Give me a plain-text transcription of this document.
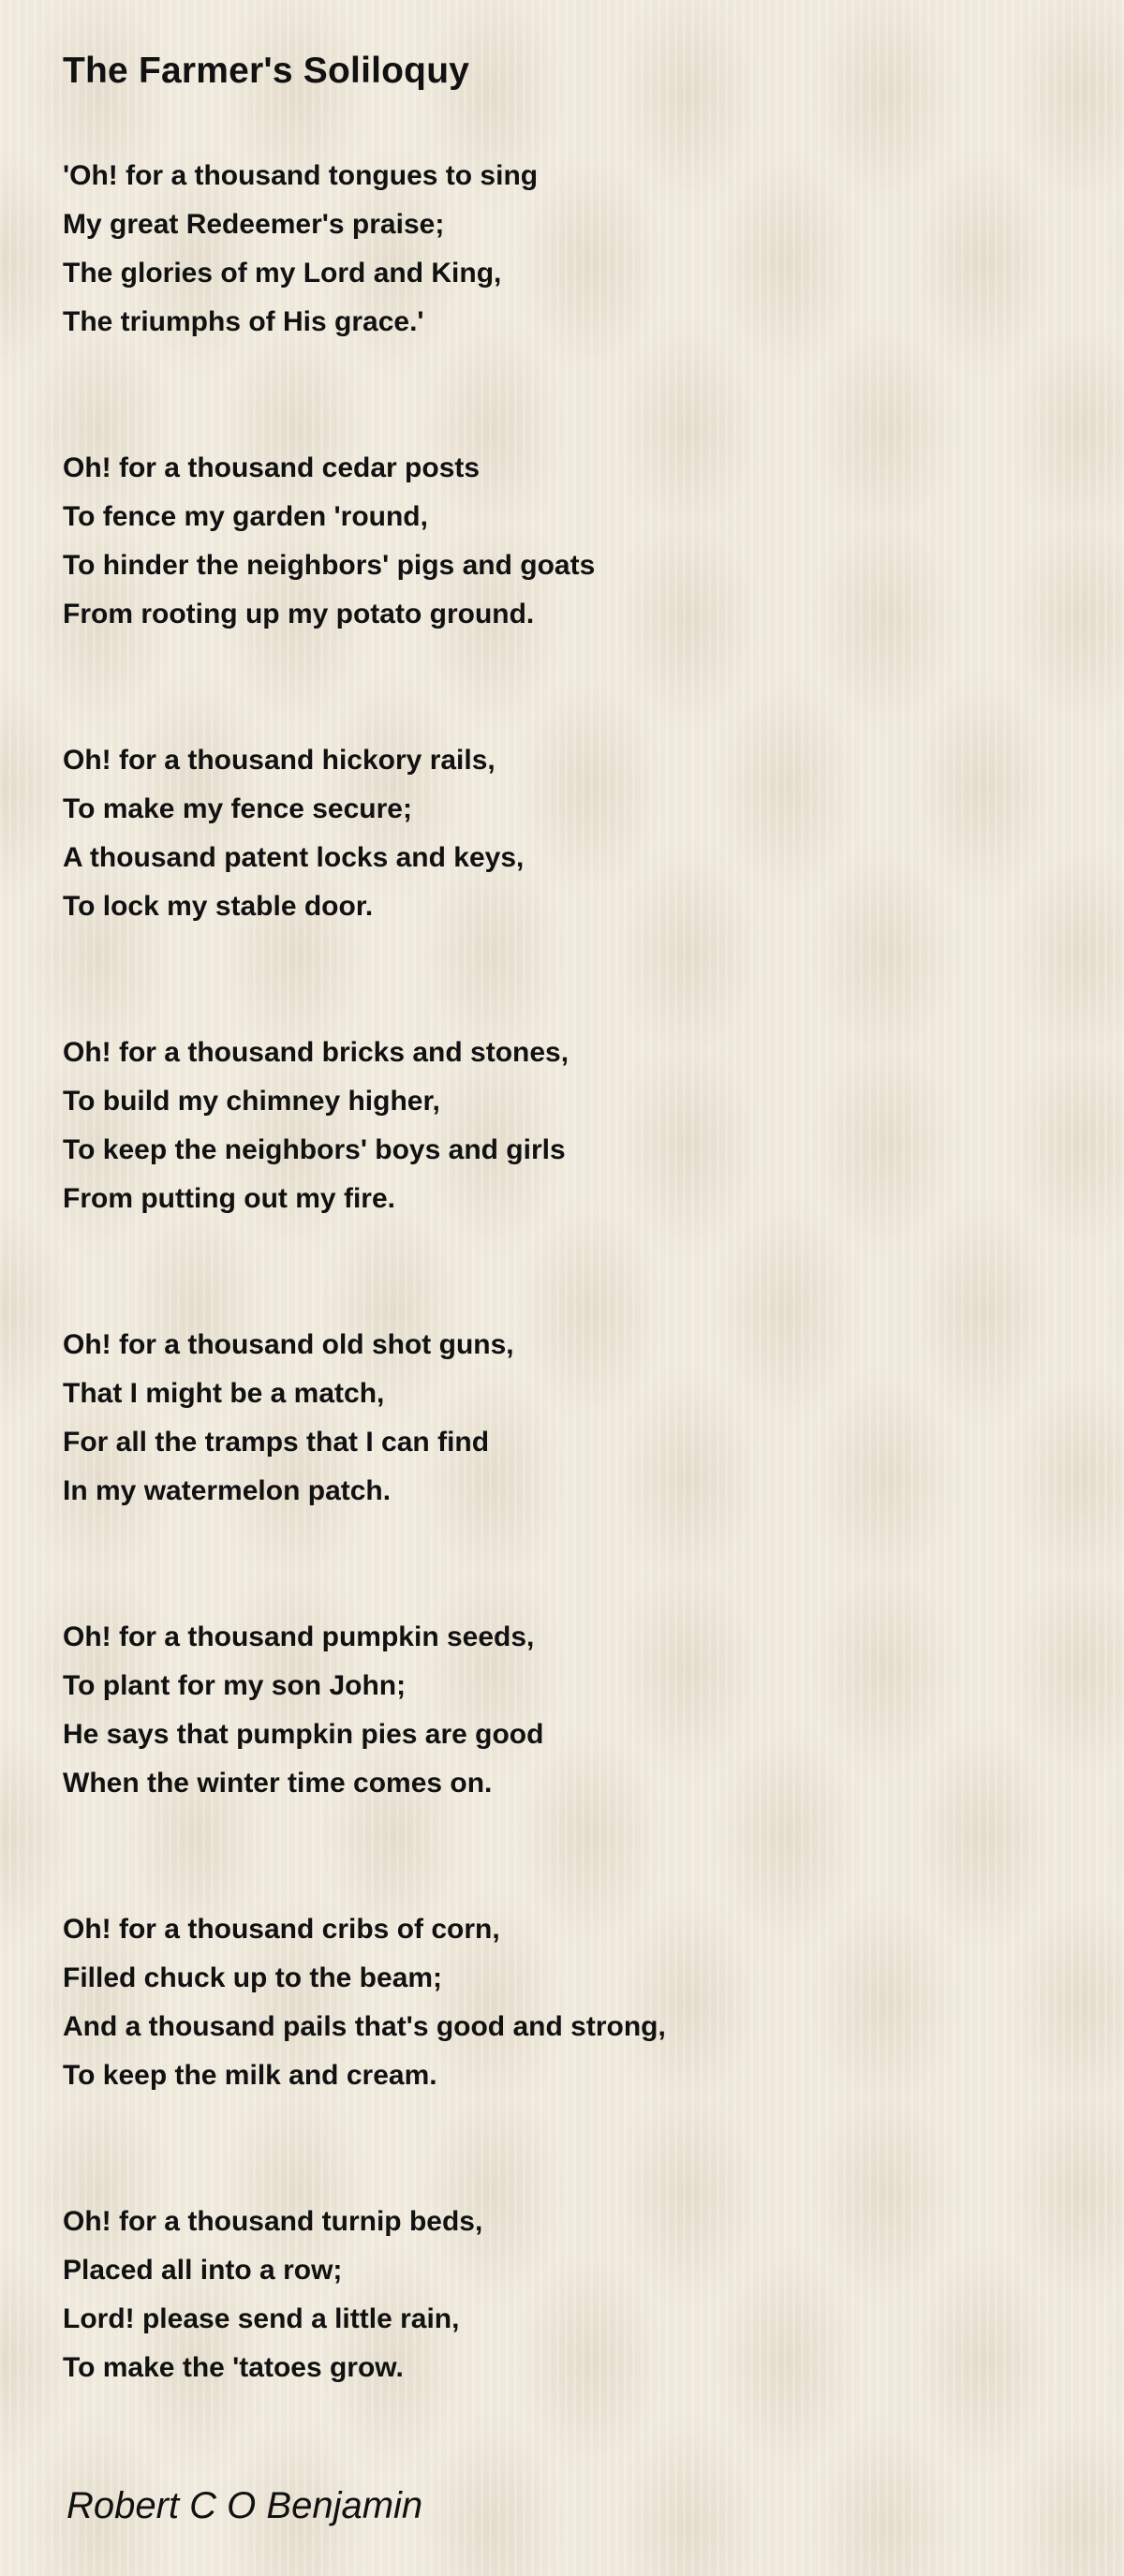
The Farmer's Soliloquy
'Oh! for a thousand tongues to sing
My great Redeemer's praise;
The glories of my Lord and King,
The triumphs of His grace.'
Oh! for a thousand cedar posts
To fence my garden 'round,
To hinder the neighbors' pigs and goats
From rooting up my potato ground.
Oh! for a thousand hickory rails,
To make my fence secure;
A thousand patent locks and keys,
To lock my stable door.
Oh! for a thousand bricks and stones,
To build my chimney higher,
To keep the neighbors' boys and girls
From putting out my fire.
Oh! for a thousand old shot guns,
That I might be a match,
For all the tramps that I can find
In my watermelon patch.
Oh! for a thousand pumpkin seeds,
To plant for my son John;
He says that pumpkin pies are good
When the winter time comes on.
Oh! for a thousand cribs of corn,
Filled chuck up to the beam;
And a thousand pails that's good and strong,
To keep the milk and cream.
Oh! for a thousand turnip beds,
Placed all into a row;
Lord! please send a little rain,
To make the 'tatoes grow.
Robert C O Benjamin
